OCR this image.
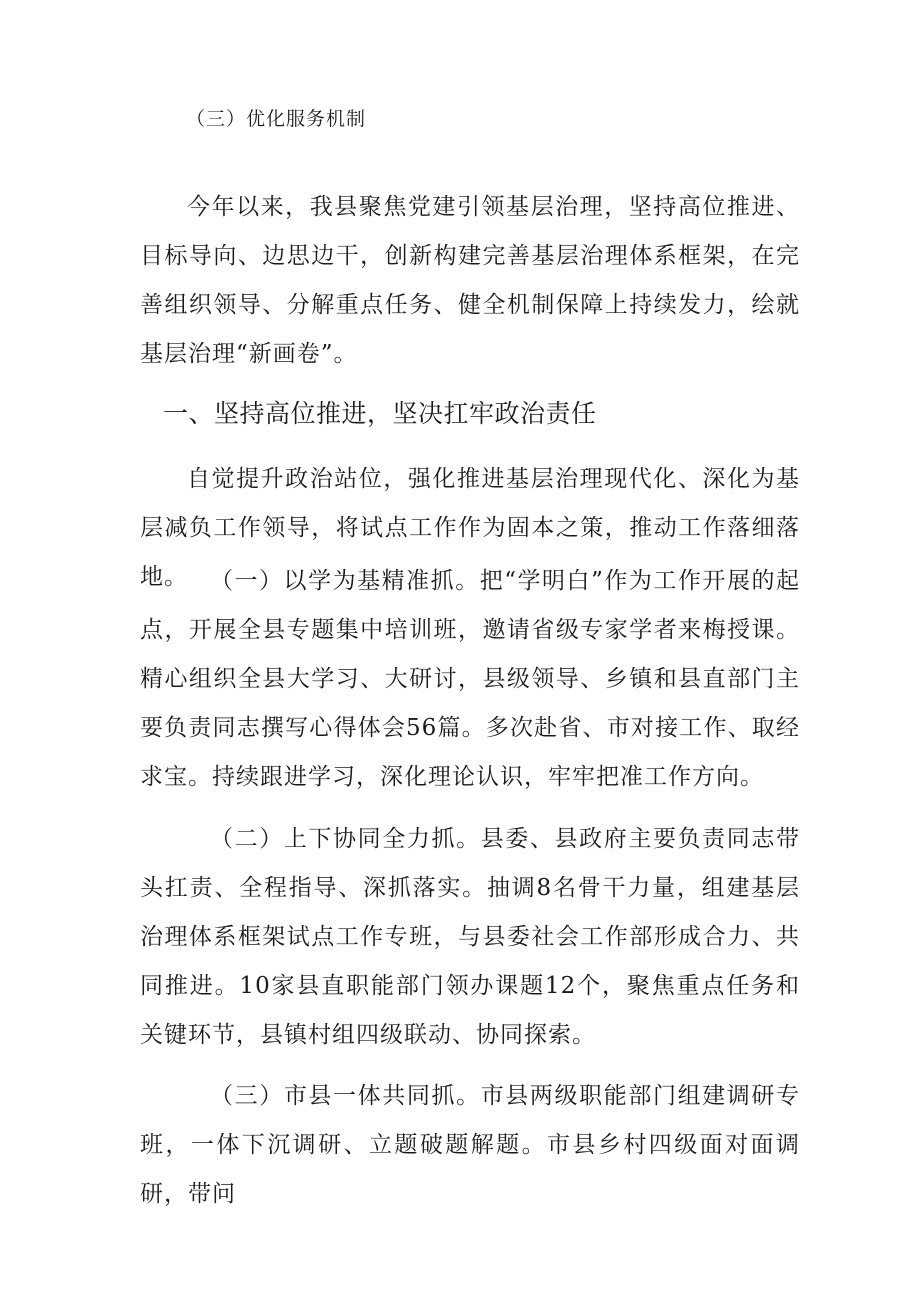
（三）优化服务机制

今年以来，我县聚焦党建引领基层治理，坚持高位推进、目标导向、边思边干，创新构建完善基层治理体系框架，在完善组织领导、分解重点任务、健全机制保障上持续发力，绘就基层治理“新画卷”。

一、坚持高位推进，坚决扛牢政治责任

自觉提升政治站位，强化推进基层治理现代化、深化为基层减负工作领导，将试点工作作为固本之策，推动工作落细落地。 （一）以学为基精准抓。把“学明白”作为工作开展的起点，开展全县专题集中培训班，邀请省级专家学者来梅授课。精心组织全县大学习、大研讨，县级领导、乡镇和县直部门主要负责同志撰写心得体会56篇。多次赴省、市对接工作、取经求宝。持续跟进学习，深化理论认识，牢牢把准工作方向。

（二）上下协同全力抓。县委、县政府主要负责同志带头扛责、全程指导、深抓落实。抽调8名骨干力量，组建基层治理体系框架试点工作专班，与县委社会工作部形成合力、共同推进。10家县直职能部门领办课题12个，聚焦重点任务和关键环节，县镇村组四级联动、协同探索。

（三）市县一体共同抓。市县两级职能部门组建调研专班，一体下沉调研、立题破题解题。市县乡村四级面对面调研，带问
